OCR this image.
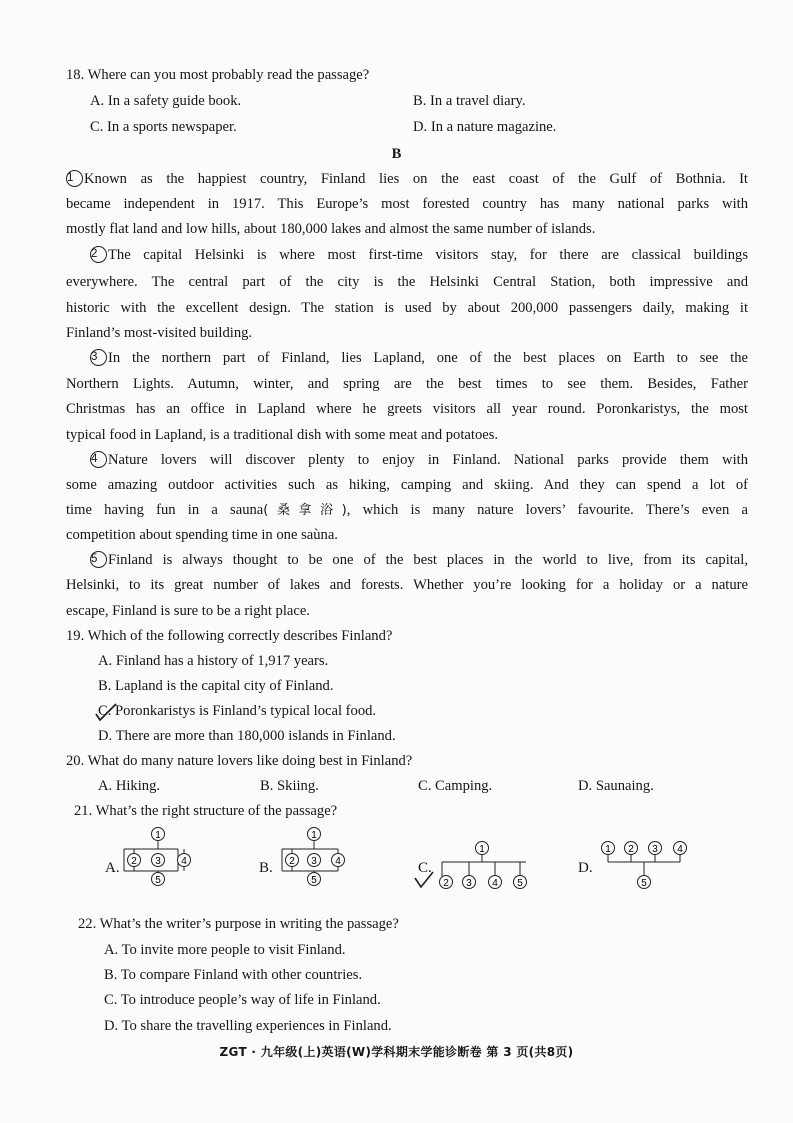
18. Where can you most probably read the passage?
A. In a safety guide book.	B. In a travel diary.
C. In a sports newspaper.	D. In a nature magazine.
B
1 Known as the happiest country, Finland lies on the east coast of the Gulf of Bothnia. It
became independent in 1917. This Europe’s most forested country has many national parks with
mostly flat land and low hills, about 180,000 lakes and almost the same number of islands.
2 The capital Helsinki is where most first-time visitors stay, for there are classical buildings
everywhere. The central part of the city is the Helsinki Central Station, both impressive and
historic with the excellent design. The station is used by about 200,000 passengers daily, making it
Finland’s most-visited building.
3 In the northern part of Finland, lies Lapland, one of the best places on Earth to see the
Northern Lights. Autumn, winter, and spring are the best times to see them. Besides, Father
Christmas has an office in Lapland where he greets visitors all year round. Poronkaristys, the most
typical food in Lapland, is a traditional dish with some meat and potatoes.
4 Nature lovers will discover plenty to enjoy in Finland. National parks provide them with
some amazing outdoor activities such as hiking, camping and skiing. And they can spend a lot of
time having fun in a sauna(桑拿浴), which is many nature lovers’ favourite. There’s even a
competition about spending time in one saùna.
5 Finland is always thought to be one of the best places in the world to live, from its capital,
Helsinki, to its great number of lakes and forests. Whether you’re looking for a holiday or a nature
escape, Finland is sure to be a right place.
19. Which of the following correctly describes Finland?
A. Finland has a history of 1,917 years.
B. Lapland is the capital city of Finland.
C. Poronkaristys is Finland’s typical local food.
D. There are more than 180,000 islands in Finland.
20. What do many nature lovers like doing best in Finland?
A. Hiking.	B. Skiing.	C. Camping.	D. Saunaing.
21. What’s the right structure of the passage?
A.
1
2 3 4
5
B.
1
2 3 4
5
C.
1
2 3 4 5
D.
1 2 3 4
5
22. What’s the writer’s purpose in writing the passage?
A. To invite more people to visit Finland.
B. To compare Finland with other countries.
C. To introduce people’s way of life in Finland.
D. To share the travelling experiences in Finland.
ZGT · 九年级(上)英语(W)学科期末学能诊断卷 第 3 页(共8页)
